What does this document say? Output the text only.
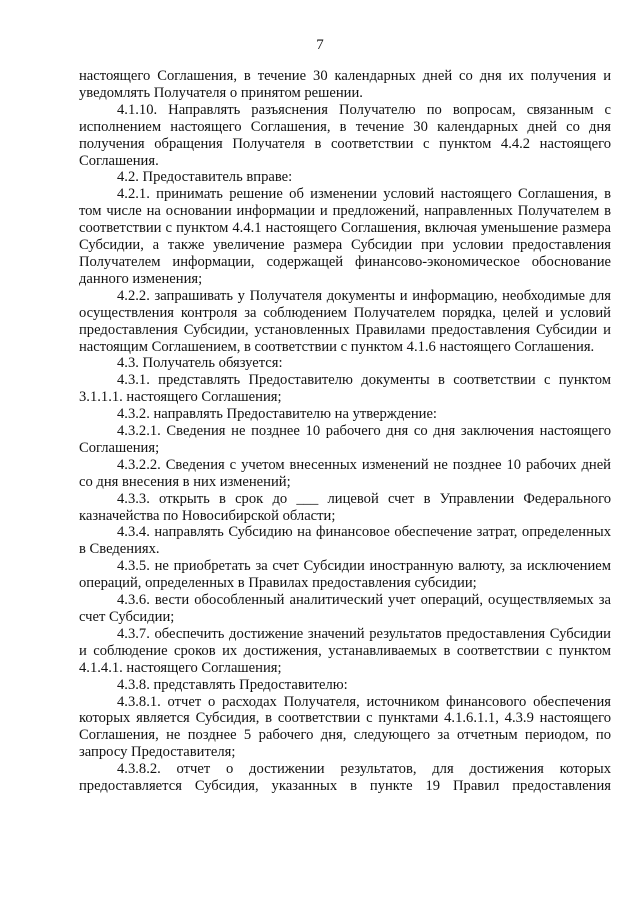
7

настоящего Соглашения, в течение 30 календарных дней со дня их получения и уведомлять Получателя о принятом решении.

4.1.10. Направлять разъяснения Получателю по вопросам, связанным с исполнением настоящего Соглашения, в течение 30 календарных дней со дня получения обращения Получателя в соответствии с пунктом 4.4.2 настоящего Соглашения.

4.2. Предоставитель вправе:

4.2.1. принимать решение об изменении условий настоящего Соглашения, в том числе на основании информации и предложений, направленных Получателем в соответствии с пунктом 4.4.1 настоящего Соглашения, включая уменьшение размера Субсидии, а также увеличение размера Субсидии при условии предоставления Получателем информации, содержащей финансово-экономическое обоснование данного изменения;

4.2.2. запрашивать у Получателя документы и информацию, необходимые для осуществления контроля за соблюдением Получателем порядка, целей и условий предоставления Субсидии, установленных Правилами предоставления Субсидии и настоящим Соглашением, в соответствии с пунктом 4.1.6 настоящего Соглашения.

4.3. Получатель обязуется:

4.3.1. представлять Предоставителю документы в соответствии с пунктом 3.1.1.1. настоящего Соглашения;

4.3.2. направлять Предоставителю на утверждение:

4.3.2.1. Сведения не позднее 10 рабочего дня со дня заключения настоящего Соглашения;

4.3.2.2. Сведения с учетом внесенных изменений не позднее 10 рабочих дней со дня внесения в них изменений;

4.3.3. открыть в срок до ___ лицевой счет в Управлении Федерального казначейства по Новосибирской области;

4.3.4. направлять Субсидию на финансовое обеспечение затрат, определенных в Сведениях.

4.3.5. не приобретать за счет Субсидии иностранную валюту, за исключением операций, определенных в Правилах предоставления субсидии;

4.3.6. вести обособленный аналитический учет операций, осуществляемых за счет Субсидии;

4.3.7. обеспечить достижение значений результатов предоставления Субсидии и соблюдение сроков их достижения, устанавливаемых в соответствии с пунктом 4.1.4.1. настоящего Соглашения;

4.3.8. представлять Предоставителю:

4.3.8.1. отчет о расходах Получателя, источником финансового обеспечения которых является Субсидия, в соответствии с пунктами 4.1.6.1.1, 4.3.9 настоящего Соглашения, не позднее 5 рабочего дня, следующего за отчетным периодом, по запросу Предоставителя;

4.3.8.2. отчет о достижении результатов, для достижения которых предоставляется Субсидия, указанных в пункте 19 Правил предоставления
